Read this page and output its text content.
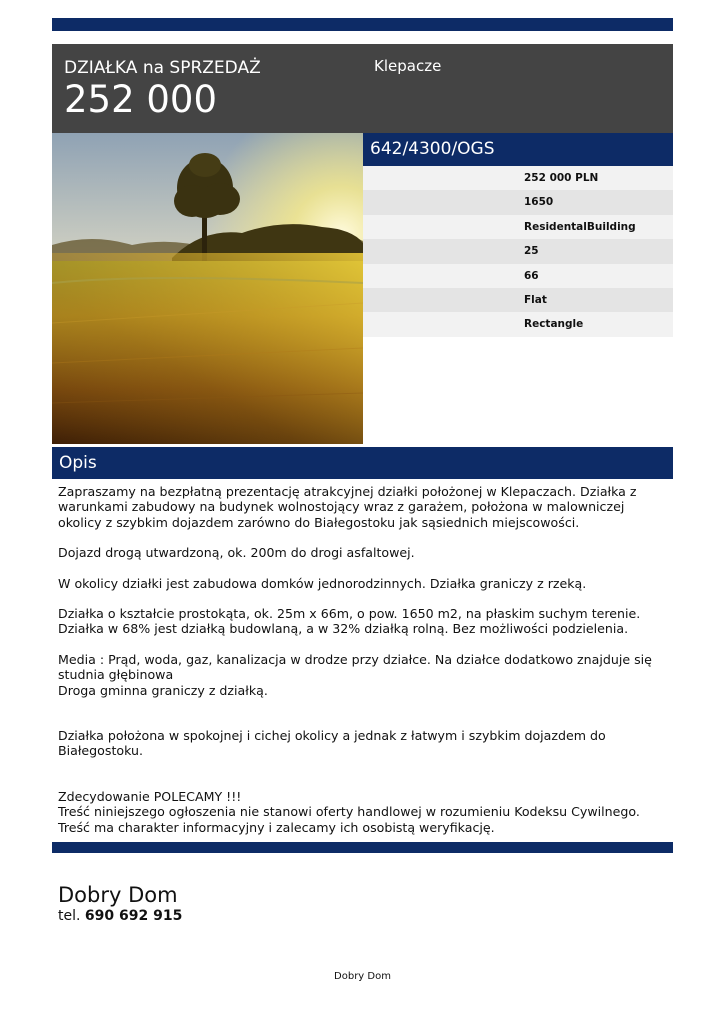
DZIAŁKA na SPRZEDAŻ
252 000
Klepacze
642/4300/OGS
252 000 PLN
1650
ResidentalBuilding
25
66
Flat
Rectangle
Opis

Zapraszamy na bezpłatną prezentację atrakcyjnej działki położonej w Klepaczach. Działka z warunkami zabudowy na budynek wolnostojący wraz z garażem, położona w malowniczej okolicy z szybkim dojazdem zarówno do Białegostoku jak sąsiednich miejscowości.

Dojazd drogą utwardzoną, ok. 200m do drogi asfaltowej.

W okolicy działki jest zabudowa domków jednorodzinnych. Działka graniczy z rzeką.

Działka o kształcie prostokąta, ok. 25m x 66m, o pow. 1650 m2, na płaskim suchym terenie.

Działka w 68% jest działką budowlaną, a w 32% działką rolną. Bez możliwości podzielenia.

Media : Prąd, woda, gaz, kanalizacja w drodze przy działce. Na działce dodatkowo znajduje się studnia głębinowa

Droga gminna graniczy z działką.

Działka położona w spokojnej i cichej okolicy a jednak z łatwym i szybkim dojazdem do Białegostoku.

Zdecydowanie POLECAMY !!!

Treść niniejszego ogłoszenia nie stanowi oferty handlowej w rozumieniu Kodeksu Cywilnego. Treść ma charakter informacyjny i zalecamy ich osobistą weryfikację.

Dobry Dom
tel. 690 692 915
Dobry Dom
